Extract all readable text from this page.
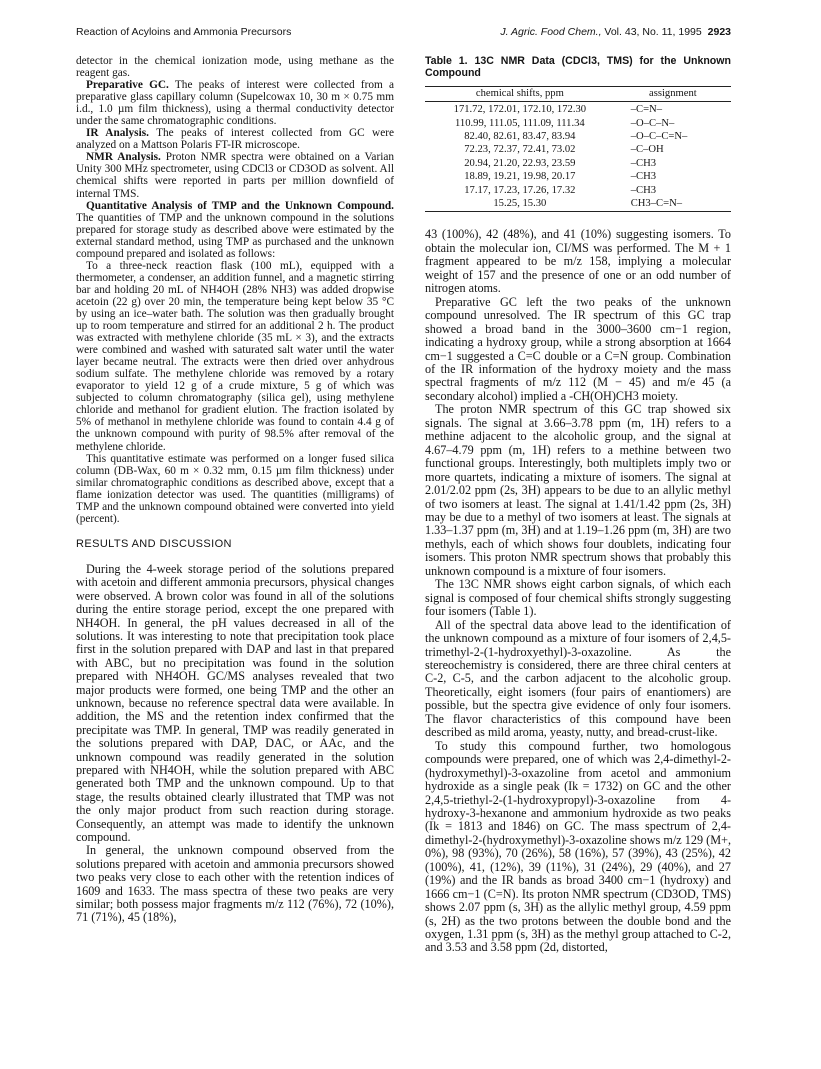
Reaction of Acyloins and Ammonia Precursors	J. Agric. Food Chem., Vol. 43, No. 11, 1995 2923

detector in the chemical ionization mode, using methane as the reagent gas.

Preparative GC. The peaks of interest were collected from a preparative glass capillary column (Supelcowax 10, 30 m × 0.75 mm i.d., 1.0 µm film thickness), using a thermal conductivity detector under the same chromatographic conditions.

IR Analysis. The peaks of interest collected from GC were analyzed on a Mattson Polaris FT-IR microscope.

NMR Analysis. Proton NMR spectra were obtained on a Varian Unity 300 MHz spectrometer, using CDCl3 or CD3OD as solvent. All chemical shifts were reported in parts per million downfield of internal TMS.

Quantitative Analysis of TMP and the Unknown Compound. The quantities of TMP and the unknown compound in the solutions prepared for storage study as described above were estimated by the external standard method, using TMP as purchased and the unknown compound prepared and isolated as follows:

To a three-neck reaction flask (100 mL), equipped with a thermometer, a condenser, an addition funnel, and a magnetic stirring bar and holding 20 mL of NH4OH (28% NH3) was added dropwise acetoin (22 g) over 20 min, the temperature being kept below 35 °C by using an ice–water bath. The solution was then gradually brought up to room temperature and stirred for an additional 2 h. The product was extracted with methylene chloride (35 mL × 3), and the extracts were combined and washed with saturated salt water until the water layer became neutral. The extracts were then dried over anhydrous sodium sulfate. The methylene chloride was removed by a rotary evaporator to yield 12 g of a crude mixture, 5 g of which was subjected to column chromatography (silica gel), using methylene chloride and methanol for gradient elution. The fraction isolated by 5% of methanol in methylene chloride was found to contain 4.4 g of the unknown compound with purity of 98.5% after removal of the methylene chloride.

This quantitative estimate was performed on a longer fused silica column (DB-Wax, 60 m × 0.32 mm, 0.15 µm film thickness) under similar chromatographic conditions as described above, except that a flame ionization detector was used. The quantities (milligrams) of TMP and the unknown compound obtained were converted into yield (percent).

RESULTS AND DISCUSSION

During the 4-week storage period of the solutions prepared with acetoin and different ammonia precursors, physical changes were observed. A brown color was found in all of the solutions during the entire storage period, except the one prepared with NH4OH. In general, the pH values decreased in all of the solutions. It was interesting to note that precipitation took place first in the solution prepared with DAP and last in that prepared with ABC, but no precipitation was found in the solution prepared with NH4OH. GC/MS analyses revealed that two major products were formed, one being TMP and the other an unknown, because no reference spectral data were available. In addition, the MS and the retention index confirmed that the precipitate was TMP. In general, TMP was readily generated in the solutions prepared with DAP, DAC, or AAc, and the unknown compound was readily generated in the solution prepared with NH4OH, while the solution prepared with ABC generated both TMP and the unknown compound. Up to that stage, the results obtained clearly illustrated that TMP was not the only major product from such reaction during storage. Consequently, an attempt was made to identify the unknown compound.

In general, the unknown compound observed from the solutions prepared with acetoin and ammonia precursors showed two peaks very close to each other with the retention indices of 1609 and 1633. The mass spectra of these two peaks are very similar; both possess major fragments m/z 112 (76%), 72 (10%), 71 (71%), 45 (18%),

Table 1. 13C NMR Data (CDCl3, TMS) for the Unknown Compound
chemical shifts, ppm	assignment
171.72, 172.01, 172.10, 172.30	–C=N–
110.99, 111.05, 111.09, 111.34	–O–C–N–
82.40, 82.61, 83.47, 83.94	–O–C–C=N–
72.23, 72.37, 72.41, 73.02	–C–OH
20.94, 21.20, 22.93, 23.59	–CH3
18.89, 19.21, 19.98, 20.17	–CH3
17.17, 17.23, 17.26, 17.32	–CH3
15.25, 15.30	CH3–C=N–

43 (100%), 42 (48%), and 41 (10%) suggesting isomers. To obtain the molecular ion, CI/MS was performed. The M + 1 fragment appeared to be m/z 158, implying a molecular weight of 157 and the presence of one or an odd number of nitrogen atoms.

Preparative GC left the two peaks of the unknown compound unresolved. The IR spectrum of this GC trap showed a broad band in the 3000–3600 cm−1 region, indicating a hydroxy group, while a strong absorption at 1664 cm−1 suggested a C=C double or a C=N group. Combination of the IR information of the hydroxy moiety and the mass spectral fragments of m/z 112 (M − 45) and m/e 45 (a secondary alcohol) implied a -CH(OH)CH3 moiety.

The proton NMR spectrum of this GC trap showed six signals. The signal at 3.66–3.78 ppm (m, 1H) refers to a methine adjacent to the alcoholic group, and the signal at 4.67–4.79 ppm (m, 1H) refers to a methine between two functional groups. Interestingly, both multiplets imply two or more quartets, indicating a mixture of isomers. The signal at 2.01/2.02 ppm (2s, 3H) appears to be due to an allylic methyl of two isomers at least. The signal at 1.41/1.42 ppm (2s, 3H) may be due to a methyl of two isomers at least. The signals at 1.33–1.37 ppm (m, 3H) and at 1.19–1.26 ppm (m, 3H) are two methyls, each of which shows four doublets, indicating four isomers. This proton NMR spectrum shows that probably this unknown compound is a mixture of four isomers.

The 13C NMR shows eight carbon signals, of which each signal is composed of four chemical shifts strongly suggesting four isomers (Table 1).

All of the spectral data above lead to the identification of the unknown compound as a mixture of four isomers of 2,4,5-trimethyl-2-(1-hydroxyethyl)-3-oxazoline. As the stereochemistry is considered, there are three chiral centers at C-2, C-5, and the carbon adjacent to the alcoholic group. Theoretically, eight isomers (four pairs of enantiomers) are possible, but the spectra give evidence of only four isomers. The flavor characteristics of this compound have been described as mild aroma, yeasty, nutty, and bread-crust-like.

To study this compound further, two homologous compounds were prepared, one of which was 2,4-dimethyl-2-(hydroxymethyl)-3-oxazoline from acetol and ammonium hydroxide as a single peak (Ik = 1732) on GC and the other 2,4,5-triethyl-2-(1-hydroxypropyl)-3-oxazoline from 4-hydroxy-3-hexanone and ammonium hydroxide as two peaks (Ik = 1813 and 1846) on GC. The mass spectrum of 2,4-dimethyl-2-(hydroxymethyl)-3-oxazoline shows m/z 129 (M+, 0%), 98 (93%), 70 (26%), 58 (16%), 57 (39%), 43 (25%), 42 (100%), 41, (12%), 39 (11%), 31 (24%), 29 (40%), and 27 (19%) and the IR bands as broad 3400 cm−1 (hydroxy) and 1666 cm−1 (C=N). Its proton NMR spectrum (CD3OD, TMS) shows 2.07 ppm (s, 3H) as the allylic methyl group, 4.59 ppm (s, 2H) as the two protons between the double bond and the oxygen, 1.31 ppm (s, 3H) as the methyl group attached to C-2, and 3.53 and 3.58 ppm (2d, distorted,
